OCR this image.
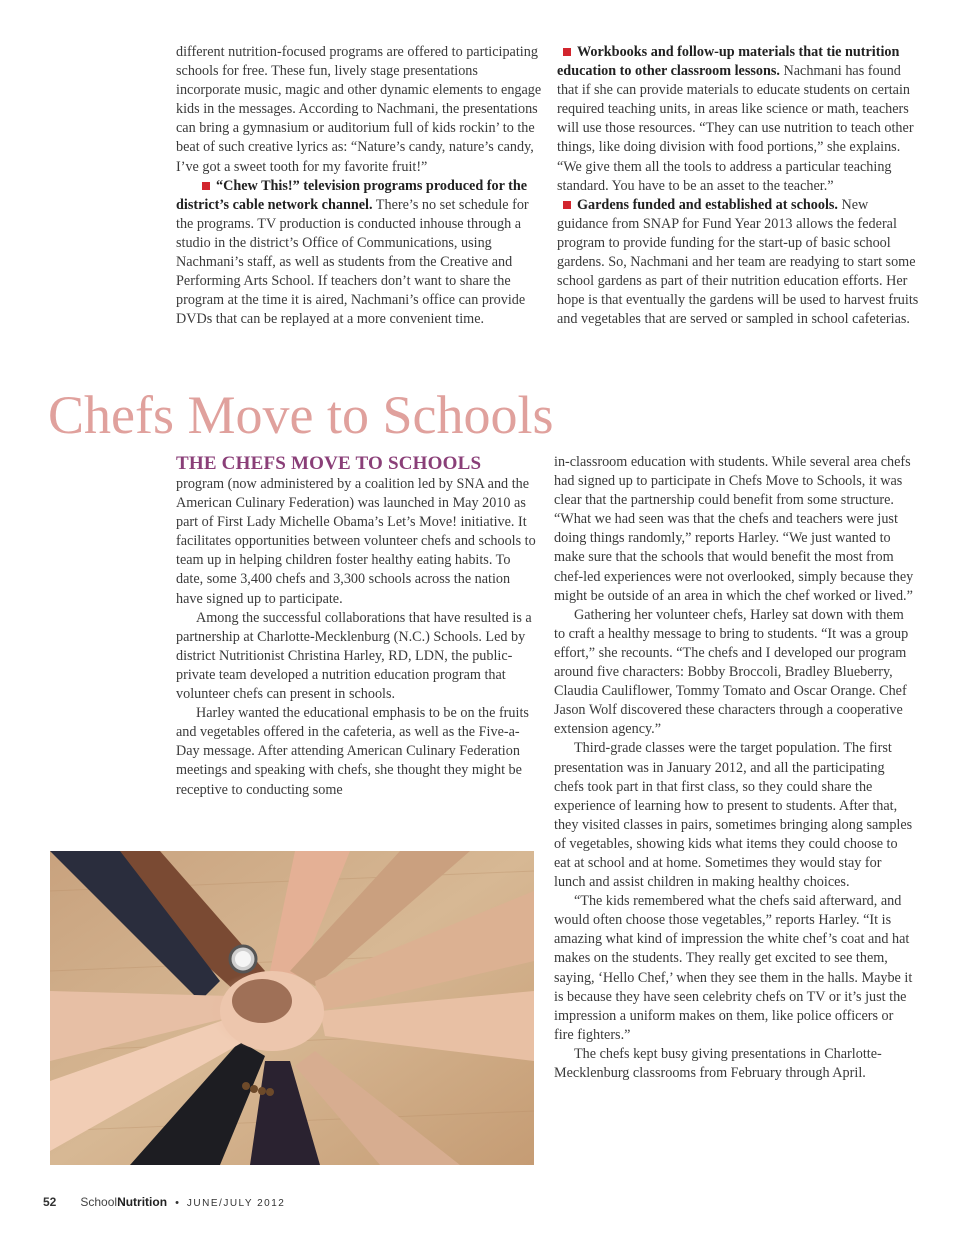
different nutrition-focused programs are offered to participating schools for free. These fun, lively stage presentations incorporate music, magic and other dynamic elements to engage kids in the messages. According to Nachmani, the presentations can bring a gymnasium or auditorium full of kids rockin’ to the beat of such creative lyrics as: “Nature’s candy, nature’s candy, I’ve got a sweet tooth for my favorite fruit!”

“Chew This!” television programs produced for the district’s cable network channel. There’s no set schedule for the programs. TV production is conducted inhouse through a studio in the district’s Office of Communications, using Nachmani’s staff, as well as students from the Creative and Performing Arts School. If teachers don’t want to share the program at the time it is aired, Nachmani’s office can provide DVDs that can be replayed at a more convenient time.

Workbooks and follow-up materials that tie nutrition education to other classroom lessons. Nachmani has found that if she can provide materials to educate students on certain required teaching units, in areas like science or math, teachers will use those resources. “They can use nutrition to teach other things, like doing division with food portions,” she explains. “We give them all the tools to address a particular teaching standard. You have to be an asset to the teacher.”

Gardens funded and established at schools. New guidance from SNAP for Fund Year 2013 allows the federal program to provide funding for the start-up of basic school gardens. So, Nachmani and her team are readying to start some school gardens as part of their nutrition education efforts. Her hope is that eventually the gardens will be used to harvest fruits and vegetables that are served or sampled in school cafeterias.

Chefs Move to Schools
THE CHEFS MOVE TO SCHOOLS

program (now administered by a coalition led by SNA and the American Culinary Federation) was launched in May 2010 as part of First Lady Michelle Obama’s Let’s Move! initiative. It facilitates opportunities between volunteer chefs and schools to team up in helping children foster healthy eating habits. To date, some 3,400 chefs and 3,300 schools across the nation have signed up to participate.

Among the successful collaborations that have resulted is a partnership at Charlotte-Mecklenburg (N.C.) Schools. Led by district Nutritionist Christina Harley, RD, LDN, the public-private team developed a nutrition education program that volunteer chefs can present in schools.

Harley wanted the educational emphasis to be on the fruits and vegetables offered in the cafeteria, as well as the Five-a-Day message. After attending American Culinary Federation meetings and speaking with chefs, she thought they might be receptive to conducting some

in-classroom education with students. While several area chefs had signed up to participate in Chefs Move to Schools, it was clear that the partnership could benefit from some structure. “What we had seen was that the chefs and teachers were just doing things randomly,” reports Harley. “We just wanted to make sure that the schools that would benefit the most from chef-led experiences were not overlooked, simply because they might be outside of an area in which the chef worked or lived.”

Gathering her volunteer chefs, Harley sat down with them to craft a healthy message to bring to students. “It was a group effort,” she recounts. “The chefs and I developed our program around five characters: Bobby Broccoli, Bradley Blueberry, Claudia Cauliflower, Tommy Tomato and Oscar Orange. Chef Jason Wolf discovered these characters through a cooperative extension agency.”

Third-grade classes were the target population. The first presentation was in January 2012, and all the participating chefs took part in that first class, so they could share the experience of learning how to present to students. After that, they visited classes in pairs, sometimes bringing along samples of vegetables, showing kids what items they could choose to eat at school and at home. Sometimes they would stay for lunch and assist children in making healthy choices.

“The kids remembered what the chefs said afterward, and would often choose those vegetables,” reports Harley. “It is amazing what kind of impression the white chef’s coat and hat makes on the students. They really get excited to see them, saying, ‘Hello Chef,’ when they see them in the halls. Maybe it is because they have seen celebrity chefs on TV or it’s just the impression a uniform makes on them, like police officers or fire fighters.”

The chefs kept busy giving presentations in Charlotte-Mecklenburg classrooms from February through April.

52 SchoolNutrition • JUNE/JULY 2012
